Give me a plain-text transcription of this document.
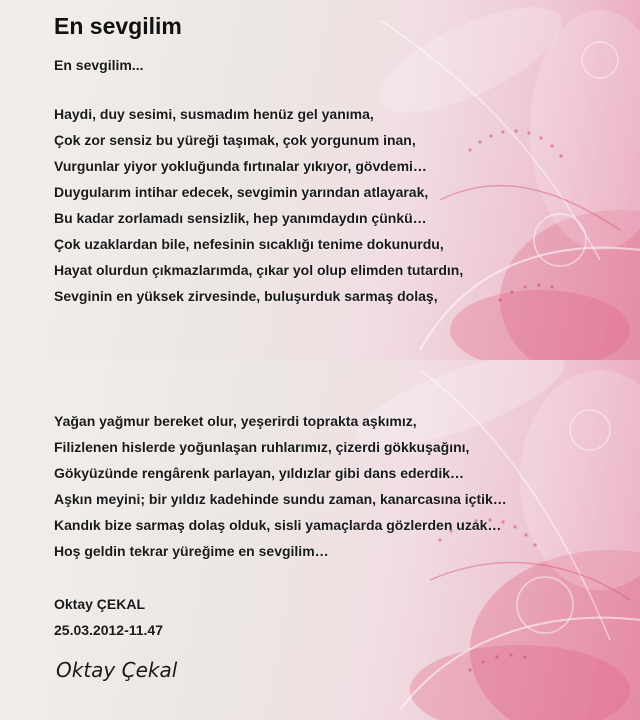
En sevgilim

En sevgilim...

Haydi, duy sesimi, susmadım henüz gel yanıma,

Çok zor sensiz bu yüreği taşımak, çok yorgunum inan,

Vurgunlar yiyor yokluğunda fırtınalar yıkıyor, gövdemi…

Duygularım intihar edecek, sevgimin yarından atlayarak,

Bu kadar zorlamadı sensizlik, hep yanımdaydın çünkü…

Çok uzaklardan bile, nefesinin sıcaklığı tenime dokunurdu,

Hayat olurdun çıkmazlarımda, çıkar yol olup elimden tutardın,

Sevginin en yüksek zirvesinde, buluşurduk sarmaş dolaş,

Yağan yağmur bereket olur, yeşerirdi toprakta aşkımız,

Filizlenen hislerde yoğunlaşan ruhlarımız, çizerdi gökkuşağını,

Gökyüzünde rengârenk parlayan, yıldızlar gibi dans ederdik…

Aşkın meyini; bir yıldız kadehinde sundu zaman, kanarcasına içtik…

Kandık bize sarmaş dolaş olduk, sisli yamaçlarda gözlerden uzak…

Hoş geldin tekrar yüreğime en sevgilim…

Oktay ÇEKAL

25.03.2012-11.47

Oktay Çekal
